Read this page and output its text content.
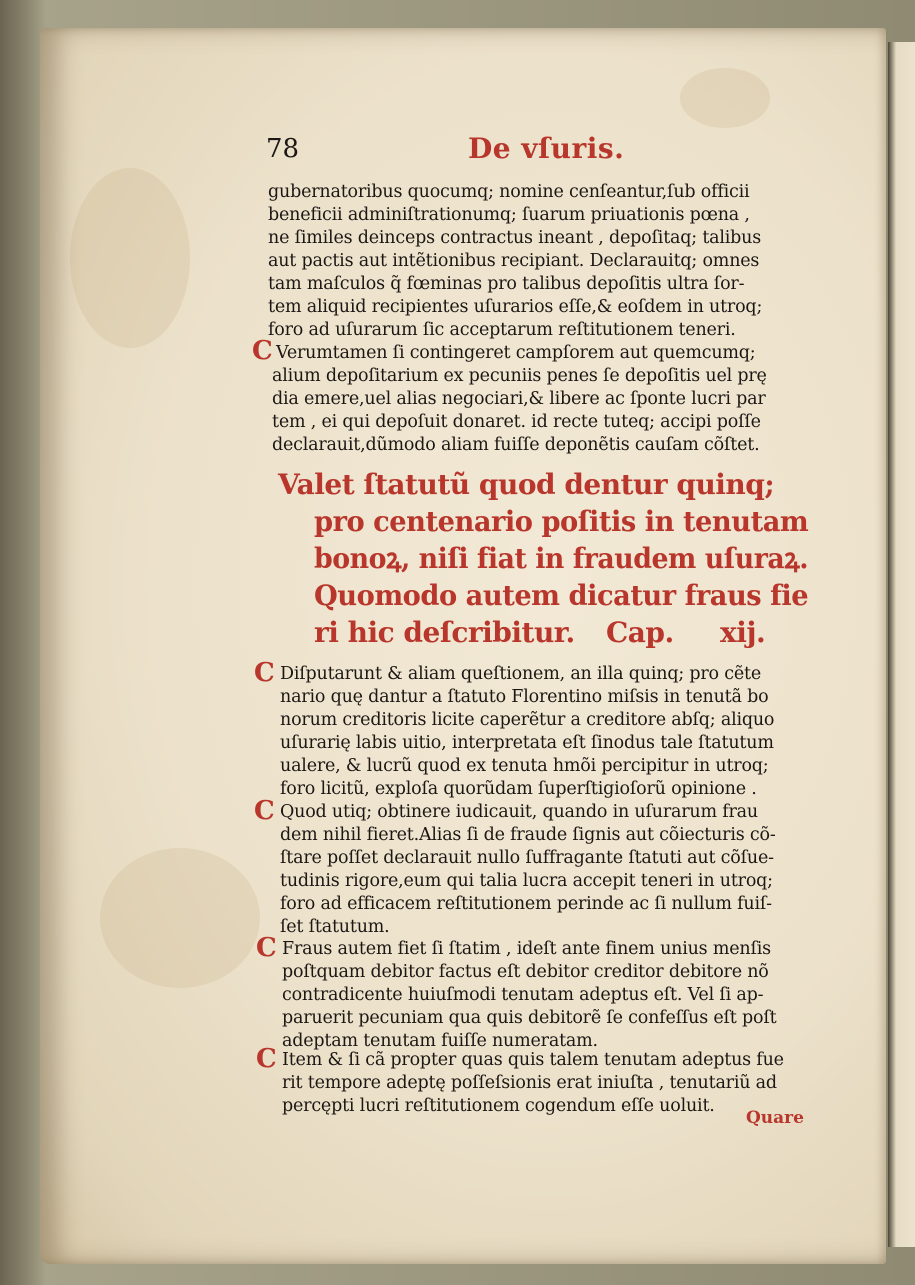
78	De vſuris.
gubernatoribus quocumq; nomine cenſeantur,ſub officii
beneficii adminiſtrationumq; ſuarum priuationis pœna ,
ne ſimiles deinceps contractus ineant , depoſitaq; talibus
aut pactis aut intẽtionibus recipiant. Declarauitq; omnes
tam maſculos q̃ fœminas pro talibus depoſitis ultra ſor-
tem aliquid recipientes uſurarios eſſe,& eoſdem in utroq;
foro ad uſurarum ſic acceptarum reſtitutionem teneri.
C Verumtamen ſi contingeret campſorem aut quemcumq;
alium depoſitarium ex pecuniis penes ſe depoſitis uel prę
dia emere,uel alias negociari,& libere ac ſponte lucri par
tem , ei qui depoſuit donaret. id recte tuteq; accipi poſſe
declarauit,dũmodo aliam fuiſſe deponẽtis cauſam cõſtet.
Valet ſtatutũ quod dentur quinq;
pro centenario poſitis in tenutam
bonoꝝ, niſi fiat in fraudem uſuraꝝ.
Quomodo autem dicatur fraus fie
ri hic deſcribitur. Cap. xij.
C Diſputarunt & aliam queſtionem, an illa quinq; pro cẽte
nario quę dantur a ſtatuto Florentino miſsis in tenutã bo
norum creditoris licite caperẽtur a creditore abſq; aliquo
uſurarię labis uitio, interpretata eſt ſinodus tale ſtatutum
ualere, & lucrũ quod ex tenuta hmõi percipitur in utroq;
foro licitũ, exploſa quorũdam ſuperſtigioſorũ opinione .
C Quod utiq; obtinere iudicauit, quando in uſurarum frau
dem nihil fieret.Alias ſi de fraude ſignis aut cõiecturis cõ-
ſtare poſſet declarauit nullo ſuffragante ſtatuti aut cõſue-
tudinis rigore,eum qui talia lucra accepit teneri in utroq;
foro ad efficacem reſtitutionem perinde ac ſi nullum fuiſ-
ſet ſtatutum.
C Fraus autem fiet ſi ſtatim , ideſt ante finem unius menſis
poſtquam debitor factus eſt debitor creditor debitore nõ
contradicente huiuſmodi tenutam adeptus eſt. Vel ſi ap-
paruerit pecuniam qua quis debitorẽ ſe confeſſus eſt poſt
adeptam tenutam fuiſſe numeratam.
C Item & ſi cã propter quas quis talem tenutam adeptus fue
rit tempore adeptę poſſeſsionis erat iniuſta , tenutariũ ad
percępti lucri reſtitutionem cogendum eſſe uoluit.
Quare
